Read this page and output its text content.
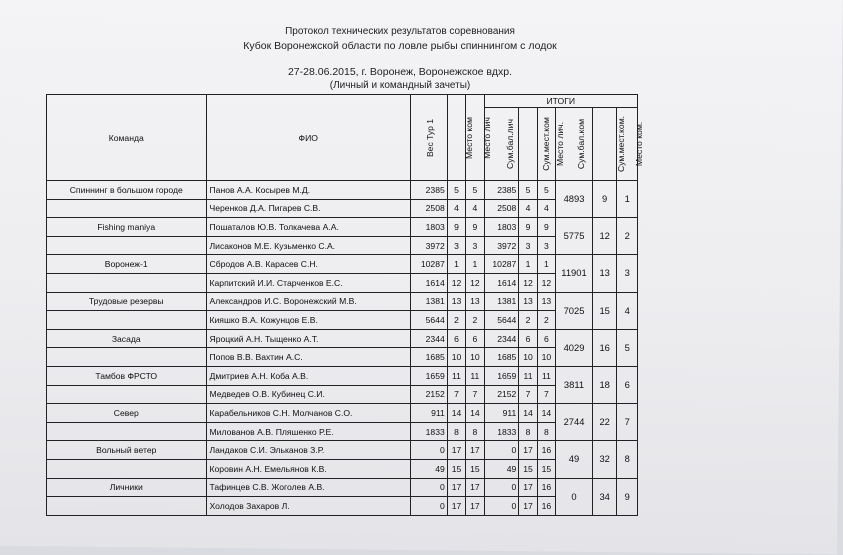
Протокол технических результатов соревнования
Кубок Воронежской области по ловле рыбы спиннингом с лодок
27-28.06.2015, г. Воронеж, Воронежское вдхр.
(Личный и командный зачеты)
Команда	ФИО	Вес Тур 1	Место ком	Место лич	ИТОГИ					
					Сум.бал.лич	Сум.мест.ком	Место лич.	Сум.бал.ком	Сум.мест.ком.	Место ком.
Спиннинг в большом городе	Панов А.А. Косырев М.Д.	2385	5	5	2385	5	5	4893	9	1
	Черенков Д.А. Пигарев С.В.	2508	4	4	2508	4	4			
Fishing maniya	Пошаталов Ю.В. Толкачева А.А.	1803	9	9	1803	9	9	5775	12	2
	Лисаконов М.Е. Кузьменко С.А.	3972	3	3	3972	3	3			
Воронеж-1	Сбродов А.В. Карасев С.Н.	10287	1	1	10287	1	1	11901	13	3
	Карпитский И.И. Старченков Е.С.	1614	12	12	1614	12	12			
Трудовые резервы	Александров И.С. Воронежский М.В.	1381	13	13	1381	13	13	7025	15	4
	Кияшко В.А. Кожунцов Е.В.	5644	2	2	5644	2	2			
Засада	Яроцкий А.Н. Тыщенко А.Т.	2344	6	6	2344	6	6	4029	16	5
	Попов В.В. Вахтин А.С.	1685	10	10	1685	10	10			
Тамбов ФРСТО	Дмитриев А.Н. Коба А.В.	1659	11	11	1659	11	11	3811	18	6
	Медведев О.В. Кубинец С.И.	2152	7	7	2152	7	7			
Север	Карабельников С.Н. Молчанов С.О.	911	14	14	911	14	14	2744	22	7
	Милованов А.В. Пляшенко Р.Е.	1833	8	8	1833	8	8			
Вольный ветер	Ландаков С.И. Эльканов З.Р.	0	17	17	0	17	16	49	32	8
	Коровин А.Н. Емельянов К.В.	49	15	15	49	15	15			
Личники	Тафинцев С.В. Жоголев А.В.	0	17	17	0	17	16	0	34	9
	Холодов Захаров Л.	0	17	17	0	17	16			
